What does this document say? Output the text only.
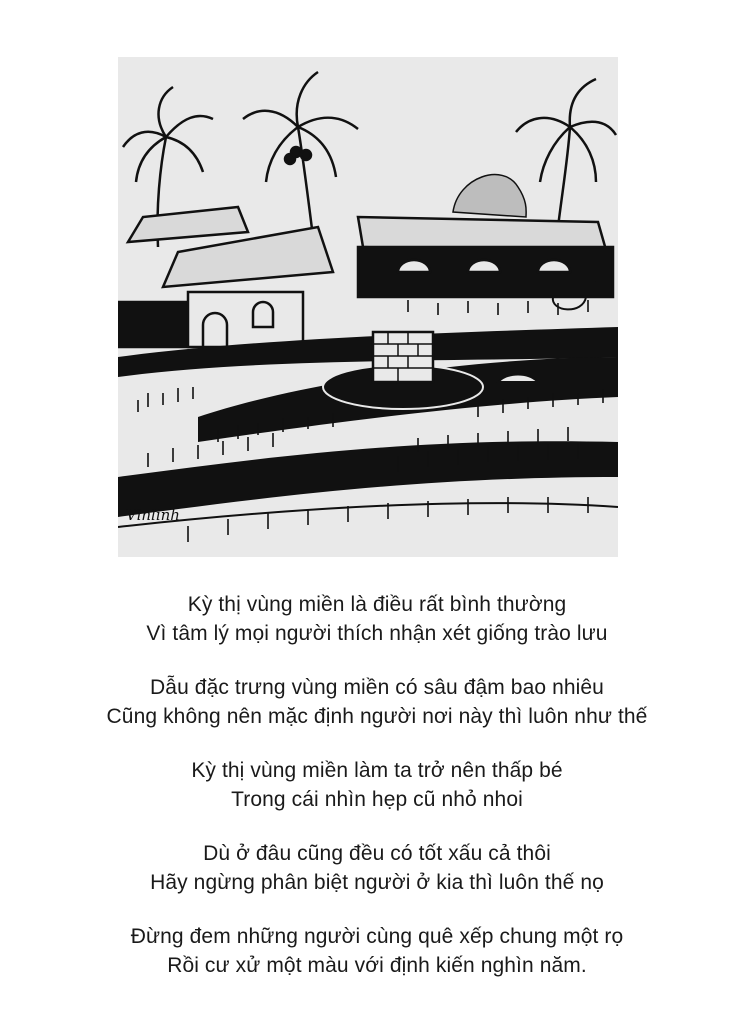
Vinlinh
Kỳ thị vùng miền là điều rất bình thường
Vì tâm lý mọi người thích nhận xét giống trào lưu
Dẫu đặc trưng vùng miền có sâu đậm bao nhiêu
Cũng không nên mặc định người nơi này thì luôn như thế
Kỳ thị vùng miền làm ta trở nên thấp bé
Trong cái nhìn hẹp cũ nhỏ nhoi
Dù ở đâu cũng đều có tốt xấu cả thôi
Hãy ngừng phân biệt người ở kia thì luôn thế nọ
Đừng đem những người cùng quê xếp chung một rọ
Rồi cư xử một màu với định kiến nghìn năm.
